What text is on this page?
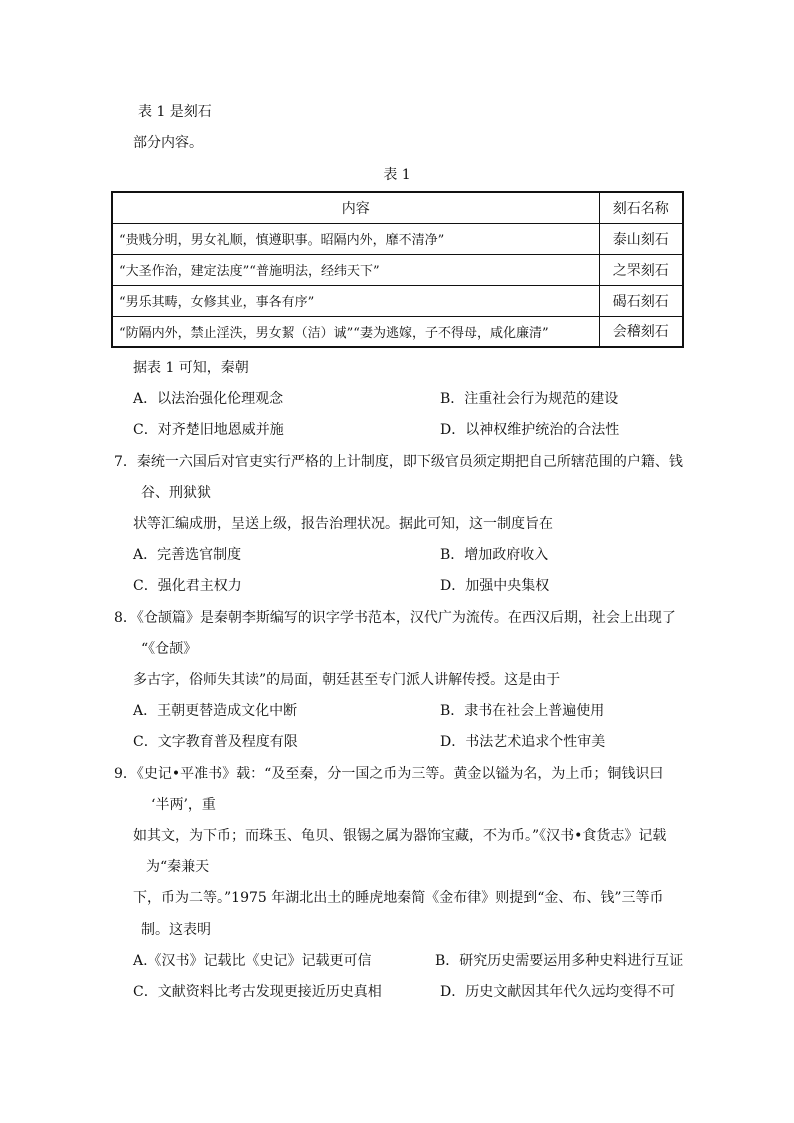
表 1 是刻石
部分内容。
表 1
内容	刻石名称
“贵贱分明，男女礼顺，慎遵职事。昭隔内外，靡不清净”	泰山刻石
“大圣作治，建定法度”“普施明法，经纬天下”	之罘刻石
“男乐其畴，女修其业，事各有序”	碣石刻石
“防隔内外，禁止淫泆，男女絜（洁）诚”“妻为逃嫁，子不得母，咸化廉清”	会稽刻石
据表 1 可知，秦朝
A．以法治强化伦理观念	B．注重社会行为规范的建设
C．对齐楚旧地恩威并施	D．以神权维护统治的合法性
7．秦统一六国后对官吏实行严格的上计制度，即下级官员须定期把自己所辖范围的户籍、钱
谷、刑狱狱
状等汇编成册，呈送上级，报告治理状况。据此可知，这一制度旨在
A．完善选官制度	B．增加政府收入
C．强化君主权力	D．加强中央集权
8．《仓颉篇》是秦朝李斯编写的识字学书范本，汉代广为流传。在西汉后期，社会上出现了
“《仓颉》
多古字，俗师失其读”的局面，朝廷甚至专门派人讲解传授。这是由于
A．王朝更替造成文化中断	B．隶书在社会上普遍使用
C．文字教育普及程度有限	D．书法艺术追求个性审美
9．《史记•平准书》载：“及至秦，分一国之币为三等。黄金以镒为名，为上币；铜钱识曰
‘半两’，重
如其文，为下币；而珠玉、龟贝、银锡之属为器饰宝藏，不为币。”《汉书•食货志》记载
为“秦兼天
下，币为二等。”1975 年湖北出土的睡虎地秦简《金布律》则提到“金、布、钱”三等币
制。这表明
A.《汉书》记载比《史记》记载更可信	B．研究历史需要运用多种史料进行互证
C．文献资料比考古发现更接近历史真相	D．历史文献因其年代久远均变得不可
